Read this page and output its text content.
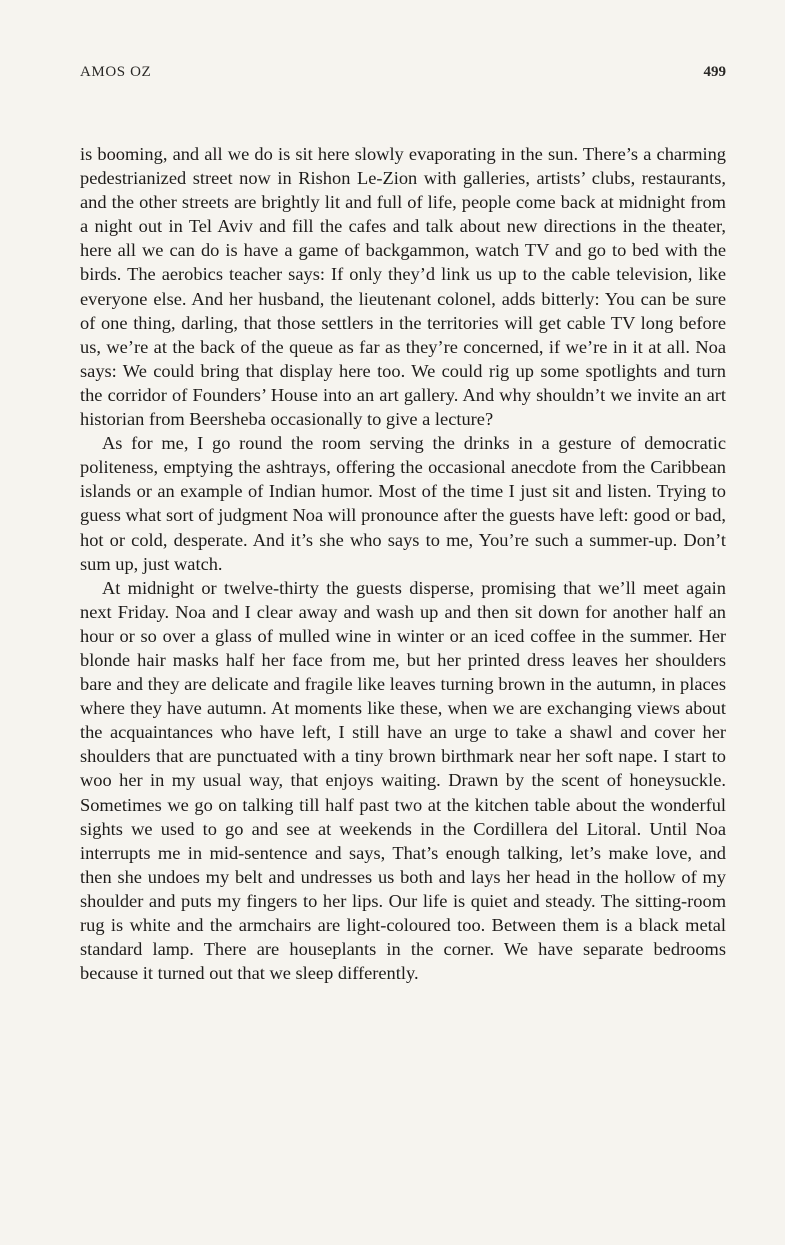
AMOS OZ	499

is booming, and all we do is sit here slowly evaporating in the sun. There’s a charming pedestrianized street now in Rishon Le-Zion with galleries, artists’ clubs, restaurants, and the other streets are brightly lit and full of life, people come back at midnight from a night out in Tel Aviv and fill the cafes and talk about new directions in the theater, here all we can do is have a game of backgammon, watch TV and go to bed with the birds. The aerobics teacher says: If only they’d link us up to the cable television, like everyone else. And her husband, the lieutenant colonel, adds bitterly: You can be sure of one thing, darling, that those settlers in the territories will get cable TV long before us, we’re at the back of the queue as far as they’re concerned, if we’re in it at all. Noa says: We could bring that display here too. We could rig up some spotlights and turn the corridor of Founders’ House into an art gallery. And why shouldn’t we invite an art historian from Beersheba occasionally to give a lecture?

As for me, I go round the room serving the drinks in a gesture of democratic politeness, emptying the ashtrays, offering the occasional anecdote from the Caribbean islands or an example of Indian humor. Most of the time I just sit and listen. Trying to guess what sort of judgment Noa will pronounce after the guests have left: good or bad, hot or cold, desperate. And it’s she who says to me, You’re such a summer-up. Don’t sum up, just watch.

At midnight or twelve-thirty the guests disperse, promising that we’ll meet again next Friday. Noa and I clear away and wash up and then sit down for another half an hour or so over a glass of mulled wine in winter or an iced coffee in the summer. Her blonde hair masks half her face from me, but her printed dress leaves her shoulders bare and they are delicate and fragile like leaves turning brown in the autumn, in places where they have autumn. At moments like these, when we are exchanging views about the acquaintances who have left, I still have an urge to take a shawl and cover her shoulders that are punctuated with a tiny brown birthmark near her soft nape. I start to woo her in my usual way, that enjoys waiting. Drawn by the scent of honeysuckle. Sometimes we go on talking till half past two at the kitchen table about the wonderful sights we used to go and see at weekends in the Cordillera del Litoral. Until Noa interrupts me in mid-sentence and says, That’s enough talking, let’s make love, and then she undoes my belt and undresses us both and lays her head in the hollow of my shoulder and puts my fingers to her lips. Our life is quiet and steady. The sitting-room rug is white and the armchairs are light-coloured too. Between them is a black metal standard lamp. There are houseplants in the corner. We have separate bedrooms because it turned out that we sleep differently.
